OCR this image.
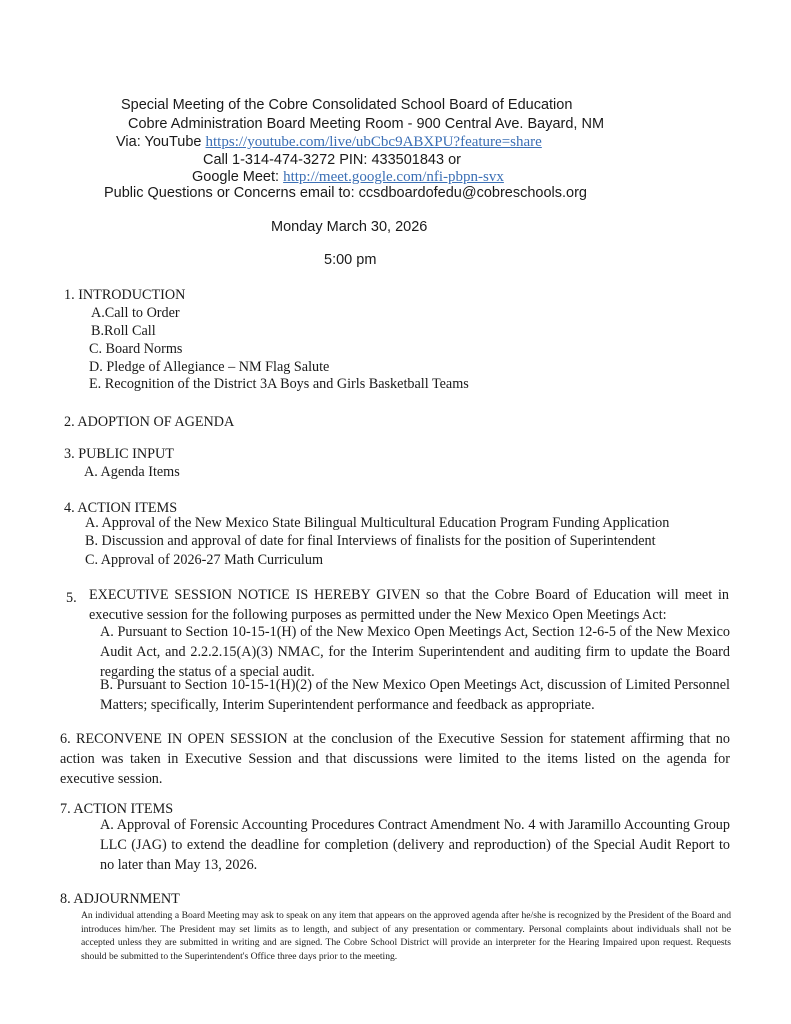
Special Meeting of the Cobre Consolidated School Board of Education
Cobre Administration Board Meeting Room - 900 Central Ave. Bayard, NM
Via: YouTube https://youtube.com/live/ubCbc9ABXPU?feature=share
Call 1-314-474-3272 PIN: 433501843 or
Google Meet: http://meet.google.com/nfi-pbpn-svx
Public Questions or Concerns email to: ccsdboardofedu@cobreschools.org
Monday March 30, 2026
5:00 pm
1. INTRODUCTION
A.Call to Order
B.Roll Call
C. Board Norms
D. Pledge of Allegiance – NM Flag Salute
E. Recognition of the District 3A Boys and Girls Basketball Teams
2. ADOPTION OF AGENDA
3. PUBLIC INPUT
A. Agenda Items
4. ACTION ITEMS
A. Approval of the New Mexico State Bilingual Multicultural Education Program Funding Application
B. Discussion and approval of date for final Interviews of finalists for the position of Superintendent
C. Approval of 2026-27 Math Curriculum
5. EXECUTIVE SESSION NOTICE IS HEREBY GIVEN so that the Cobre Board of Education will meet in executive session for the following purposes as permitted under the New Mexico Open Meetings Act:
A. Pursuant to Section 10-15-1(H) of the New Mexico Open Meetings Act, Section 12-6-5 of the New Mexico Audit Act, and 2.2.2.15(A)(3) NMAC, for the Interim Superintendent and auditing firm to update the Board regarding the status of a special audit.
B. Pursuant to Section 10-15-1(H)(2) of the New Mexico Open Meetings Act, discussion of Limited Personnel Matters; specifically, Interim Superintendent performance and feedback as appropriate.
6. RECONVENE IN OPEN SESSION at the conclusion of the Executive Session for statement affirming that no action was taken in Executive Session and that discussions were limited to the items listed on the agenda for executive session.
7. ACTION ITEMS
A. Approval of Forensic Accounting Procedures Contract Amendment No. 4 with Jaramillo Accounting Group LLC (JAG) to extend the deadline for completion (delivery and reproduction) of the Special Audit Report to no later than May 13, 2026.
8. ADJOURNMENT
An individual attending a Board Meeting may ask to speak on any item that appears on the approved agenda after he/she is recognized by the President of the Board and introduces him/her. The President may set limits as to length, and subject of any presentation or commentary. Personal complaints about individuals shall not be accepted unless they are submitted in writing and are signed. The Cobre School District will provide an interpreter for the Hearing Impaired upon request. Requests should be submitted to the Superintendent's Office three days prior to the meeting.
